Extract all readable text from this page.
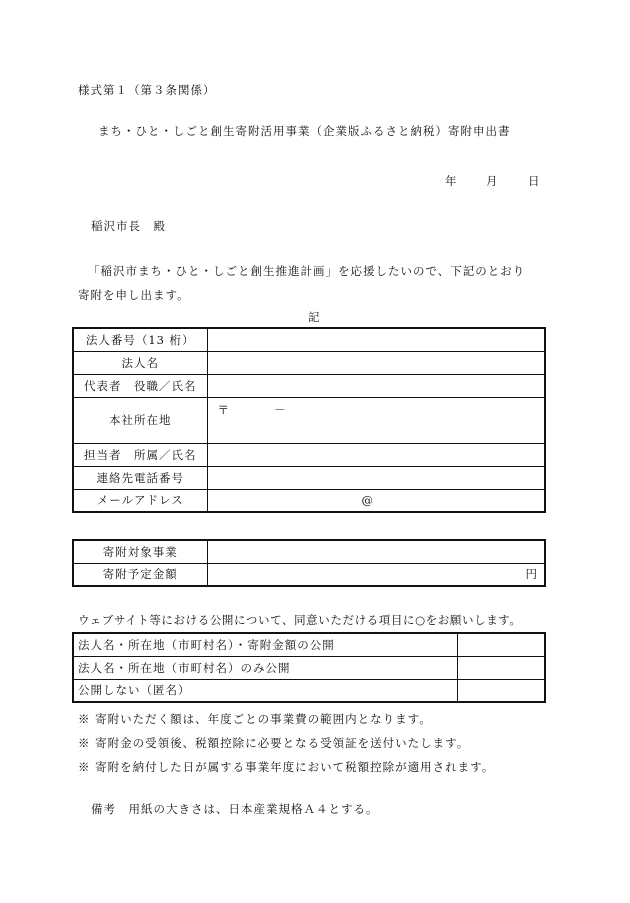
様式第１（第３条関係）
まち・ひと・しごと創生寄附活用事業（企業版ふるさと納税）寄附申出書
年 月	日
稲沢市長　殿
「稲沢市まち・ひと・しごと創生推進計画」を応援したいので、下記のとおり
寄附を申し出ます。
記
法人番号（13 桁）	
法人名	
代表者　役職／氏名	
本社所在地	〒 －
担当者　所属／氏名	
連絡先電話番号	
メールアドレス	@
寄附対象事業	
寄附予定金額	円
ウェブサイト等における公開について、同意いただける項目に○をお願いします。
法人名・所在地（市町村名）・寄附金額の公開	
法人名・所在地（市町村名）のみ公開	
公開しない（匿名）	
※ 寄附いただく額は、年度ごとの事業費の範囲内となります。
※ 寄附金の受領後、税額控除に必要となる受領証を送付いたします。
※ 寄附を納付した日が属する事業年度において税額控除が適用されます。
備考　用紙の大きさは、日本産業規格Ａ４とする。
